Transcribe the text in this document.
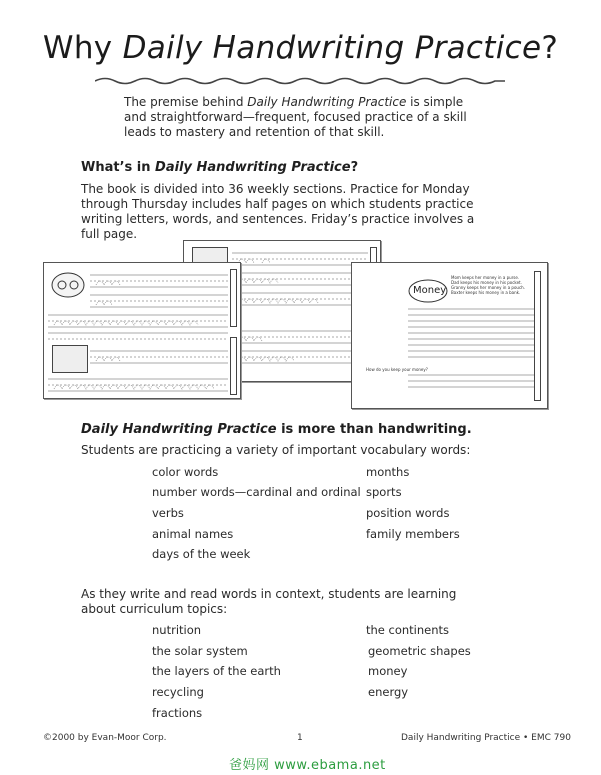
Why Daily Handwriting Practice?
The premise behind Daily Handwriting Practice is simple and straightforward—frequent, focused practice of a skill leads to mastery and retention of that skill.
What’s in Daily Handwriting Practice?
The book is divided into 36 weekly sections. Practice for Monday through Thursday includes half pages on which students practice writing letters, words, and sentences. Friday’s practice involves a full page.
Money
Mom keeps her money in a purse.
Dad keeps his money in his pocket.
Granny keeps her money in a pouch.
Baxter keeps his money in a bank.
How do you keep your money?
Daily Handwriting Practice is more than handwriting.
Students are practicing a variety of important vocabulary words:
color words
number words—cardinal and ordinal
verbs
animal names
days of the week
months
sports
position words
family members
As they write and read words in context, students are learning about curriculum topics:
nutrition
the solar system
the layers of the earth
recycling
fractions
the continents
geometric shapes
money
energy
©2000 by Evan-Moor Corp.	1	Daily Handwriting Practice • EMC 790
爸妈网 www.ebama.net
